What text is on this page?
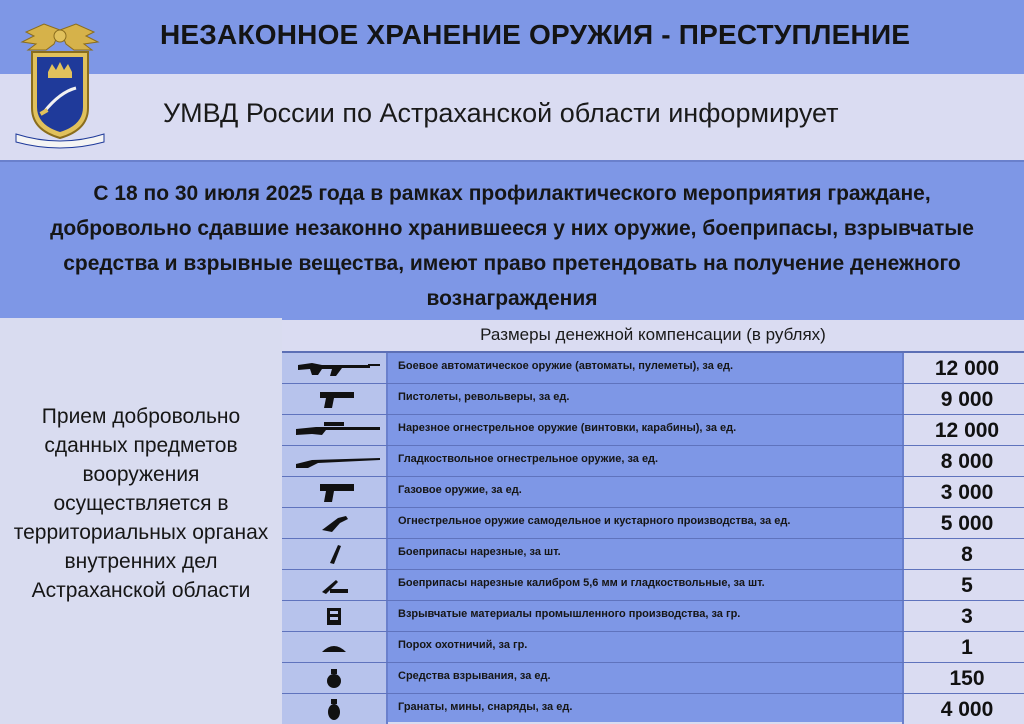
НЕЗАКОННОЕ ХРАНЕНИЕ ОРУЖИЯ - ПРЕСТУПЛЕНИЕ
УМВД России по Астраханской области информирует
С 18 по 30 июля 2025 года в рамках профилактического мероприятия граждане, добровольно сдавшие незаконно хранившееся у них оружие, боеприпасы, взрывчатые средства и взрывные вещества, имеют право претендовать на получение денежного вознаграждения
Прием добровольно сданных предметов вооружения осуществляется в территориальных органах внутренних дел Астраханской области
Размеры денежной компенсации (в рублях)
Боевое автоматическое оружие (автоматы, пулеметы), за ед.	12 000
Пистолеты, револьверы, за ед.	9 000
Нарезное огнестрельное оружие (винтовки, карабины), за ед.	12 000
Гладкоствольное огнестрельное оружие, за ед.	8 000
Газовое оружие, за ед.	3 000
Огнестрельное оружие самодельное и кустарного производства, за ед.	5 000
Боеприпасы нарезные, за шт.	8
Боеприпасы нарезные калибром 5,6 мм и гладкоствольные, за шт.	5
Взрывчатые материалы промышленного производства, за гр.	3
Порох охотничий, за гр.	1
Средства взрывания, за ед.	150
Гранаты, мины, снаряды, за ед.	4 000
